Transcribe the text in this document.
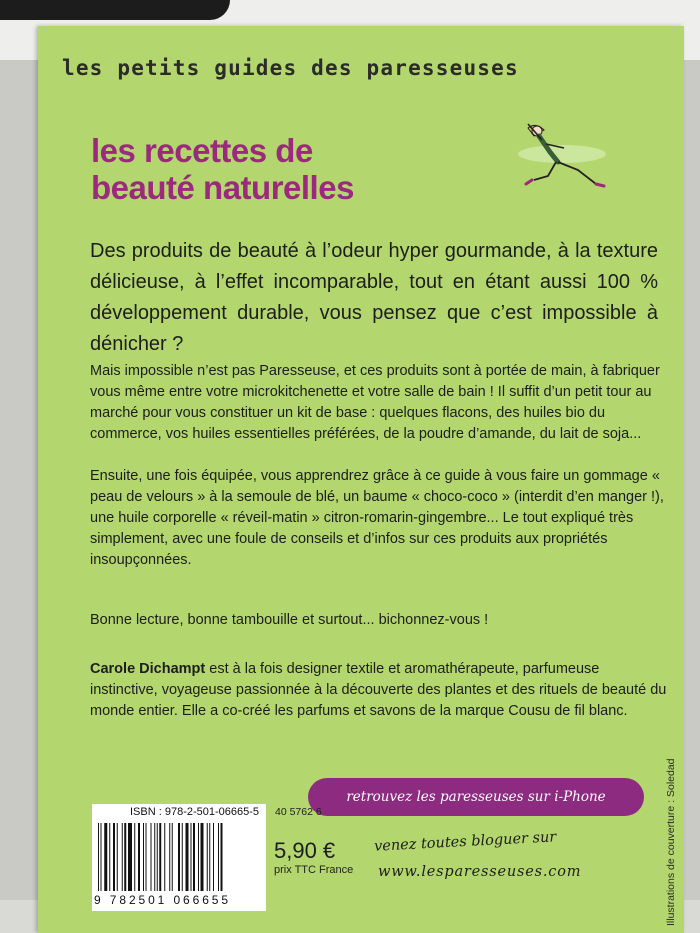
les petits guides des paresseuses

les recettes de
beauté naturelles

Des produits de beauté à l’odeur hyper gourmande, à la texture délicieuse, à l’effet incomparable, tout en étant aussi 100 % développement durable, vous pensez que c’est impossible à dénicher ?

Mais impossible n’est pas Paresseuse, et ces produits sont à portée de main, à fabriquer vous même entre votre microkitchenette et votre salle de bain ! Il suffit d’un petit tour au marché pour vous constituer un kit de base : quelques flacons, des huiles bio du commerce, vos huiles essentielles préférées, de la poudre d’amande, du lait de soja...

Ensuite, une fois équipée, vous apprendrez grâce à ce guide à vous faire un gommage « peau de velours » à la semoule de blé, un baume « choco-coco » (interdit d’en manger !), une huile corporelle « réveil-matin » citron-romarin-gingembre... Le tout expliqué très simplement, avec une foule de conseils et d’infos sur ces produits aux propriétés insoupçonnées.

Bonne lecture, bonne tambouille et surtout... bichonnez-vous !

Carole Dichampt est à la fois designer textile et aromathérapeute, parfumeuse instinctive, voyageuse passionnée à la découverte des plantes et des rituels de beauté du monde entier. Elle a co-créé les parfums et savons de la marque Cousu de fil blanc.

Illustrations de couverture : Soledad
retrouvez les paresseuses sur i-Phone
ISBN : 978-2-501-06665-5
9 782501 066655
40 5762 6
5,90 €
prix TTC France
venez toutes bloguer sur
www.lesparesseuses.com
